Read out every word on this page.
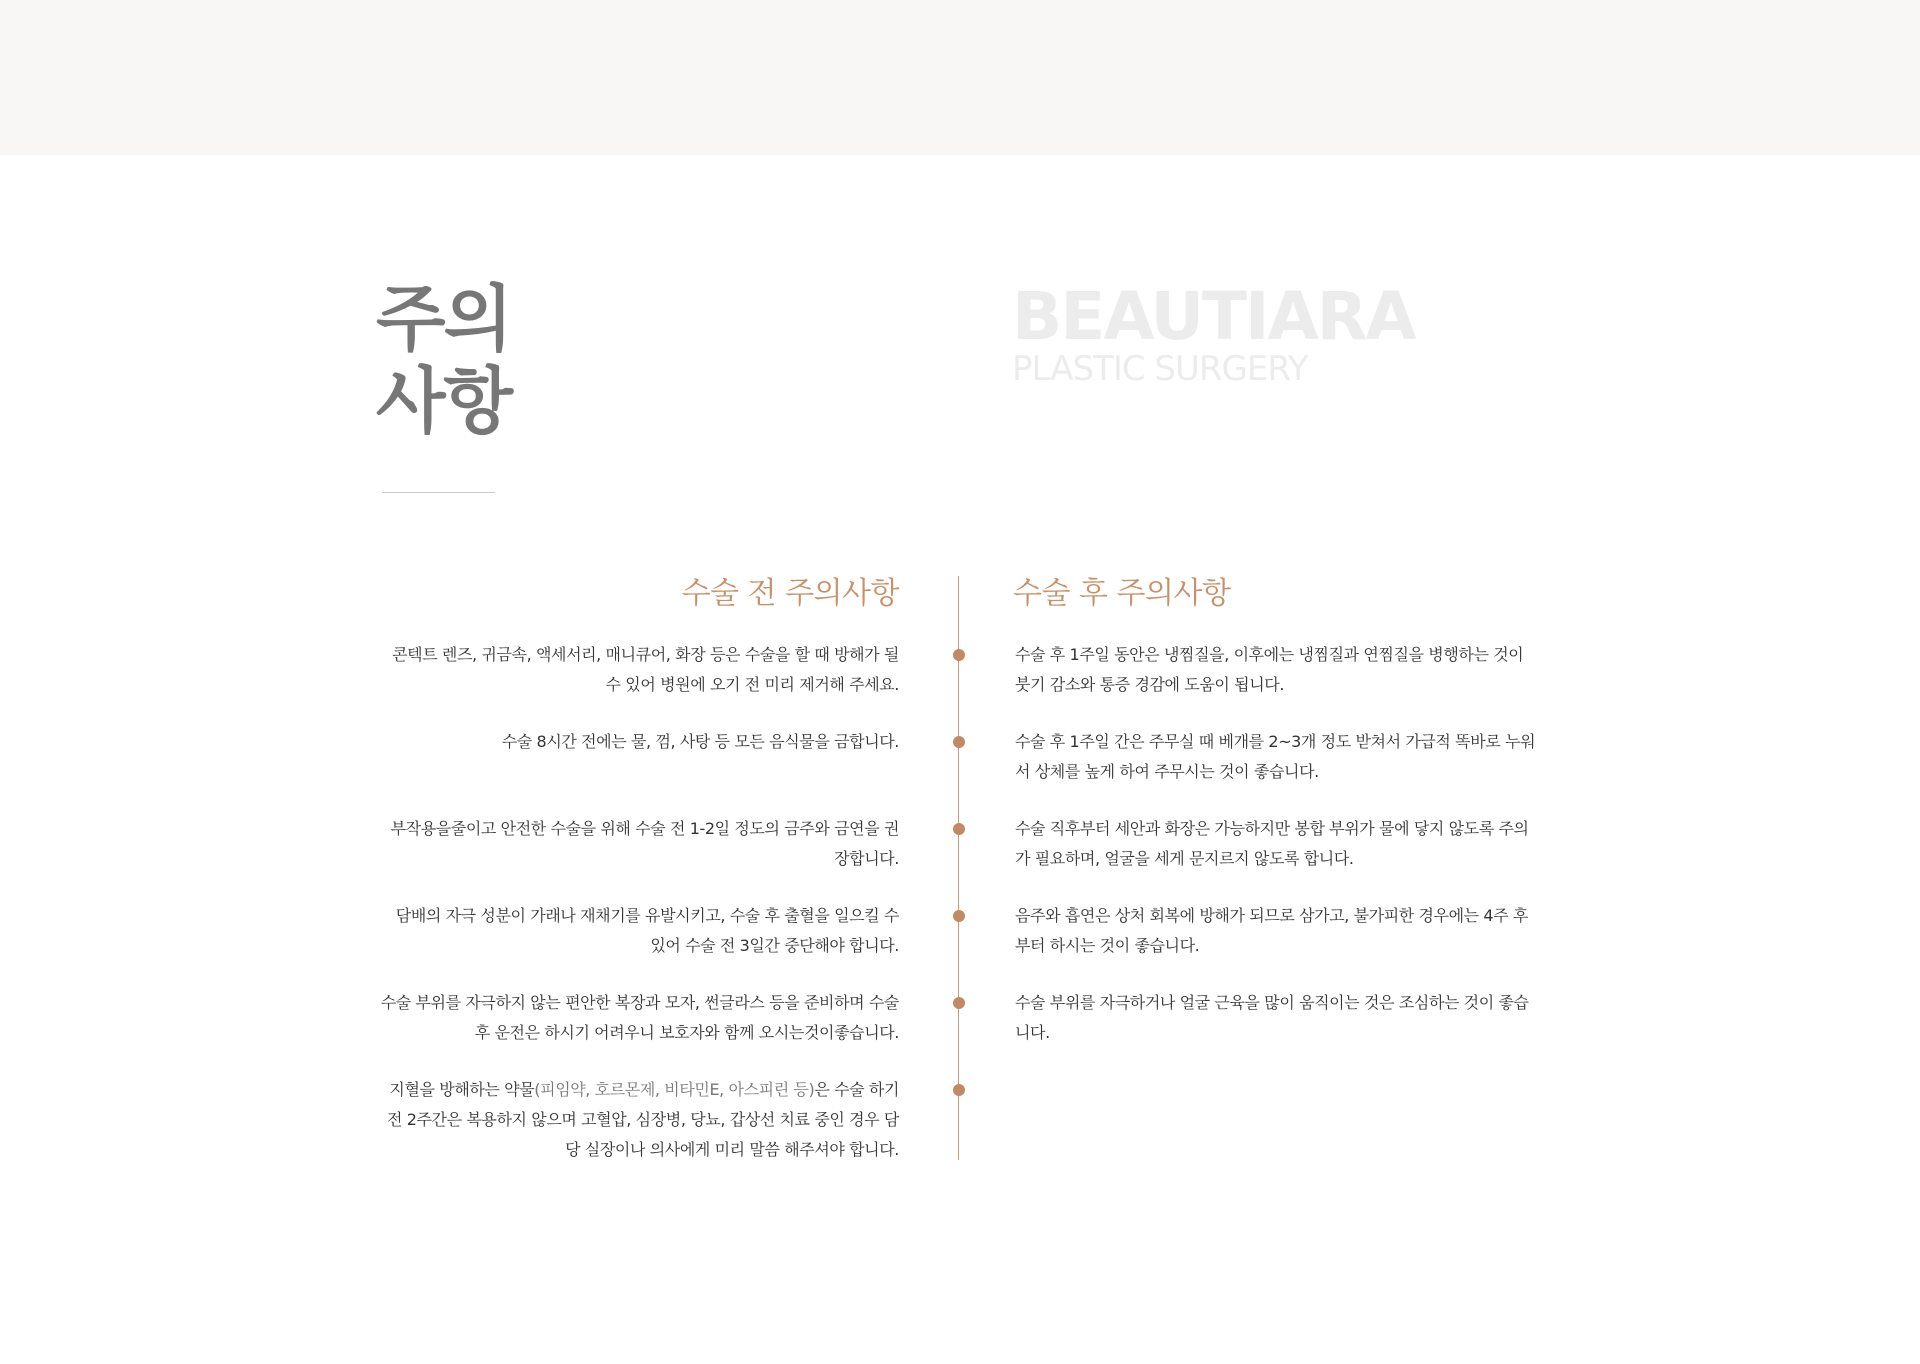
주의
사항
BEAUTIARA
PLASTIC SURGERY
수술 전 주의사항	수술 후 주의사항

콘텍트 렌즈, 귀금속, 액세서리, 매니큐어, 화장 등은 수술을 할 때 방해가 될 수 있어 병원에 오기 전 미리 제거해 주세요.

수술 8시간 전에는 물, 껌, 사탕 등 모든 음식물을 금합니다.

부작용을줄이고 안전한 수술을 위해 수술 전 1-2일 정도의 금주와 금연을 권장합니다.

담배의 자극 성분이 가래나 재채기를 유발시키고, 수술 후 출혈을 일으킬 수 있어 수술 전 3일간 중단해야 합니다.

수술 부위를 자극하지 않는 편안한 복장과 모자, 썬글라스 등을 준비하며 수술 후 운전은 하시기 어려우니 보호자와 함께 오시는것이좋습니다.

지혈을 방해하는 약물(피임약, 호르몬제, 비타민E, 아스피린 등)은 수술 하기 전 2주간은 복용하지 않으며 고혈압, 심장병, 당뇨, 갑상선 치료 중인 경우 담당 실장이나 의사에게 미리 말씀 해주셔야 합니다.

수술 후 1주일 동안은 냉찜질을, 이후에는 냉찜질과 연찜질을 병행하는 것이 붓기 감소와 통증 경감에 도움이 됩니다.

수술 후 1주일 간은 주무실 때 베개를 2~3개 정도 받쳐서 가급적 똑바로 누워서 상체를 높게 하여 주무시는 것이 좋습니다.

수술 직후부터 세안과 화장은 가능하지만 봉합 부위가 물에 닿지 않도록 주의가 필요하며, 얼굴을 세게 문지르지 않도록 합니다.

음주와 흡연은 상처 회복에 방해가 되므로 삼가고, 불가피한 경우에는 4주 후부터 하시는 것이 좋습니다.

수술 부위를 자극하거나 얼굴 근육을 많이 움직이는 것은 조심하는 것이 좋습니다.
